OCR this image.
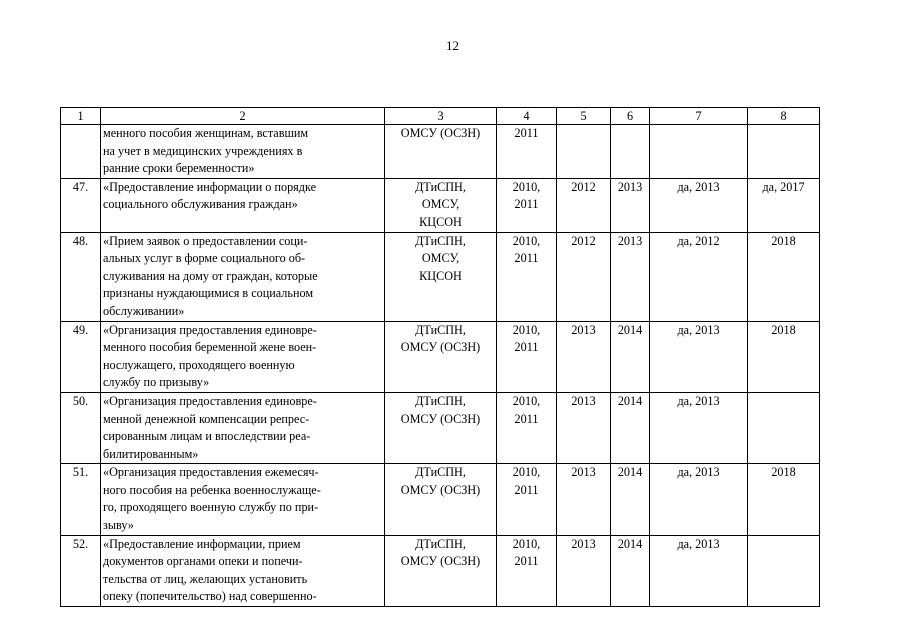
12
1	2	3	4	5	6	7	8

	менного пособия женщинам, вставшим
на учет в медицинских учреждениях в
ранние сроки беременности»	ОМСУ (ОСЗН)	2011				

47.	«Предоставление информации о порядке
социального обслуживания граждан»	ДТиСПН,
ОМСУ,
КЦСОН	2010,
2011	2012	2013	да, 2013	да, 2017
48.	«Прием заявок о предоставлении соци-
альных услуг в форме социального об-
служивания на дому от граждан, которые
признаны нуждающимися в социальном
обслуживании»	ДТиСПН,
ОМСУ,
КЦСОН	2010,
2011	2012	2013	да, 2012	2018
49.	«Организация предоставления единовре-
менного пособия беременной жене воен-
нослужащего, проходящего военную
службу по призыву»	ДТиСПН,
ОМСУ (ОСЗН)	2010,
2011	2013	2014	да, 2013	2018
50.	«Организация предоставления единовре-
менной денежной компенсации репрес-
сированным лицам и впоследствии реа-
билитированным»	ДТиСПН,
ОМСУ (ОСЗН)	2010,
2011	2013	2014	да, 2013	
51.	«Организация предоставления ежемесяч-
ного пособия на ребенка военнослужаще-
го, проходящего военную службу по при-
зыву»	ДТиСПН,
ОМСУ (ОСЗН)	2010,
2011	2013	2014	да, 2013	2018
52.	«Предоставление информации, прием
документов органами опеки и попечи-
тельства от лиц, желающих установить
опеку (попечительство) над совершенно-	ДТиСПН,
ОМСУ (ОСЗН)	2010,
2011	2013	2014	да, 2013	
